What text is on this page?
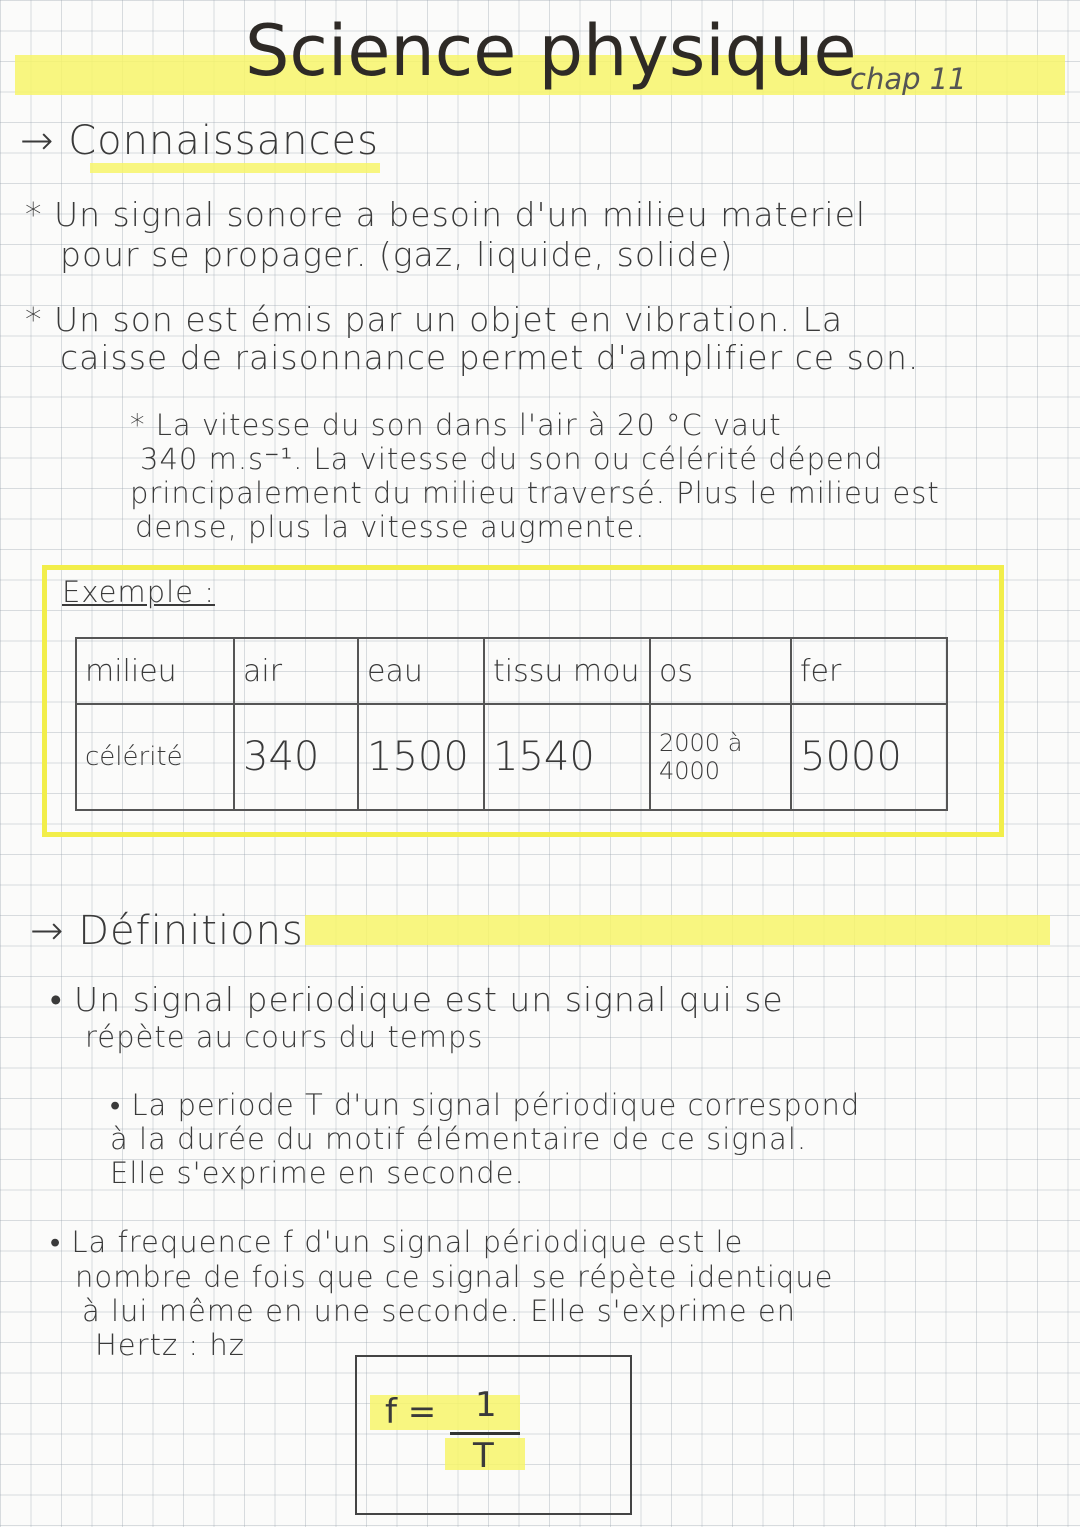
Science physique
chap 11
→ Connaissances
* Un signal sonore a besoin d'un milieu materiel
pour se propager. (gaz, liquide, solide)
* Un son est émis par un objet en vibration. La
caisse de raisonnance permet d'amplifier ce son.
* La vitesse du son dans l'air à 20 °C vaut
340 m.s⁻¹. La vitesse du son ou célérité dépend
principalement du milieu traversé. Plus le milieu est
dense, plus la vitesse augmente.
Exemple :
milieu	air	eau	tissu mou	os	fer
célérité	340	1500	1540	2000 à 4000	5000
→ Définitions
• Un signal periodique est un signal qui se
répète au cours du temps
• La periode T d'un signal périodique correspond
à la durée du motif élémentaire de ce signal.
Elle s'exprime en seconde.
• La frequence f d'un signal périodique est le
nombre de fois que ce signal se répète identique
à lui même en une seconde. Elle s'exprime en
Hertz : hz
f = 1
T
